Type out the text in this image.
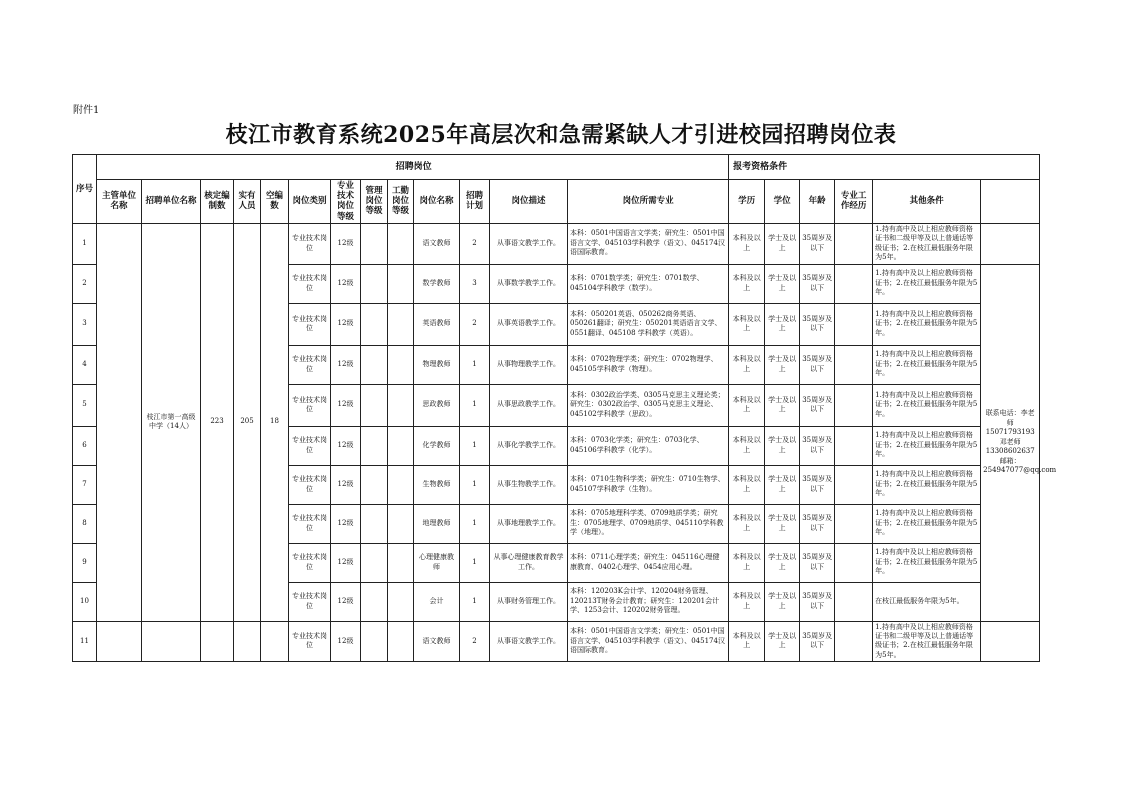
附件1
枝江市教育系统2025年高层次和急需紧缺人才引进校园招聘岗位表
序号	招聘岗位													报考资格条件	
	主管单位名称	招聘单位名称	核定编制数	实有人员	空编数	岗位类别	专业技术岗位等级	管理岗位等级	工勤岗位等级	岗位名称	招聘计划	岗位描述	岗位所需专业	学历	学位	年龄	专业工作经历	其他条件		
1		枝江市第一高级中学（14人）	223	205	18	专业技术岗位	12级			语文教师	2	从事语文教学工作。	本科：0501中国语言文学类；研究生：0501中国语言文学、045103学科教学（语文）、045174汉语国际教育。	本科及以上	学士及以上	35周岁及以下		1.持有高中及以上相应教师资格证书和二级甲等及以上普通话等级证书；2.在枝江最低服务年限为5年。		
2						专业技术岗位	12级			数学教师	3	从事数学教学工作。	本科：0701数学类；研究生：0701数学、045104学科教学（数学）。	本科及以上	学士及以上	35周岁及以下		1.持有高中及以上相应教师资格证书；2.在枝江最低服务年限为5年。	联系电话：李老师15071793193邓老师13308602637邮箱：254947077@qq.com	
3						专业技术岗位	12级			英语教师	2	从事英语教学工作。	本科：050201英语、050262商务英语、050261翻译；研究生：050201英语语言文学、0551翻译、045108 学科教学（英语）。	本科及以上	学士及以上	35周岁及以下		1.持有高中及以上相应教师资格证书；2.在枝江最低服务年限为5年。		
4						专业技术岗位	12级			物理教师	1	从事物理教学工作。	本科：0702物理学类；研究生：0702物理学、045105学科教学（物理）。	本科及以上	学士及以上	35周岁及以下		1.持有高中及以上相应教师资格证书；2.在枝江最低服务年限为5年。		
5						专业技术岗位	12级			思政教师	1	从事思政教学工作。	本科：0302政治学类、0305马克思主义理论类；研究生：0302政治学、0305马克思主义理论、045102学科教学（思政）。	本科及以上	学士及以上	35周岁及以下		1.持有高中及以上相应教师资格证书；2.在枝江最低服务年限为5年。		
6						专业技术岗位	12级			化学教师	1	从事化学教学工作。	本科：0703化学类；研究生：0703化学、045106学科教学（化学）。	本科及以上	学士及以上	35周岁及以下		1.持有高中及以上相应教师资格证书；2.在枝江最低服务年限为5年。		
7						专业技术岗位	12级			生物教师	1	从事生物教学工作。	本科：0710生物科学类；研究生：0710生物学、045107学科教学（生物）。	本科及以上	学士及以上	35周岁及以下		1.持有高中及以上相应教师资格证书；2.在枝江最低服务年限为5年。		
8						专业技术岗位	12级			地理教师	1	从事地理教学工作。	本科：0705地理科学类、0709地质学类；研究生：0705地理学、0709地质学、045110学科教学（地理）。	本科及以上	学士及以上	35周岁及以下		1.持有高中及以上相应教师资格证书；2.在枝江最低服务年限为5年。		
9						专业技术岗位	12级			心理健康教师	1	从事心理健康教育教学工作。	本科：0711心理学类；研究生：045116心理健康教育、0402心理学、0454应用心理。	本科及以上	学士及以上	35周岁及以下		1.持有高中及以上相应教师资格证书；2.在枝江最低服务年限为5年。		
10						专业技术岗位	12级			会计	1	从事财务管理工作。	本科：120203K会计学、120204财务管理、120213T财务会计教育；研究生：120201会计学、1253会计、120202财务管理。	本科及以上	学士及以上	35周岁及以下		在枝江最低服务年限为5年。		
11						专业技术岗位	12级			语文教师	2	从事语文教学工作。	本科：0501中国语言文学类；研究生：0501中国语言文学、045103学科教学（语文）、045174汉语国际教育。	本科及以上	学士及以上	35周岁及以下		1.持有高中及以上相应教师资格证书和二级甲等及以上普通话等级证书；2.在枝江最低服务年限为5年。		
